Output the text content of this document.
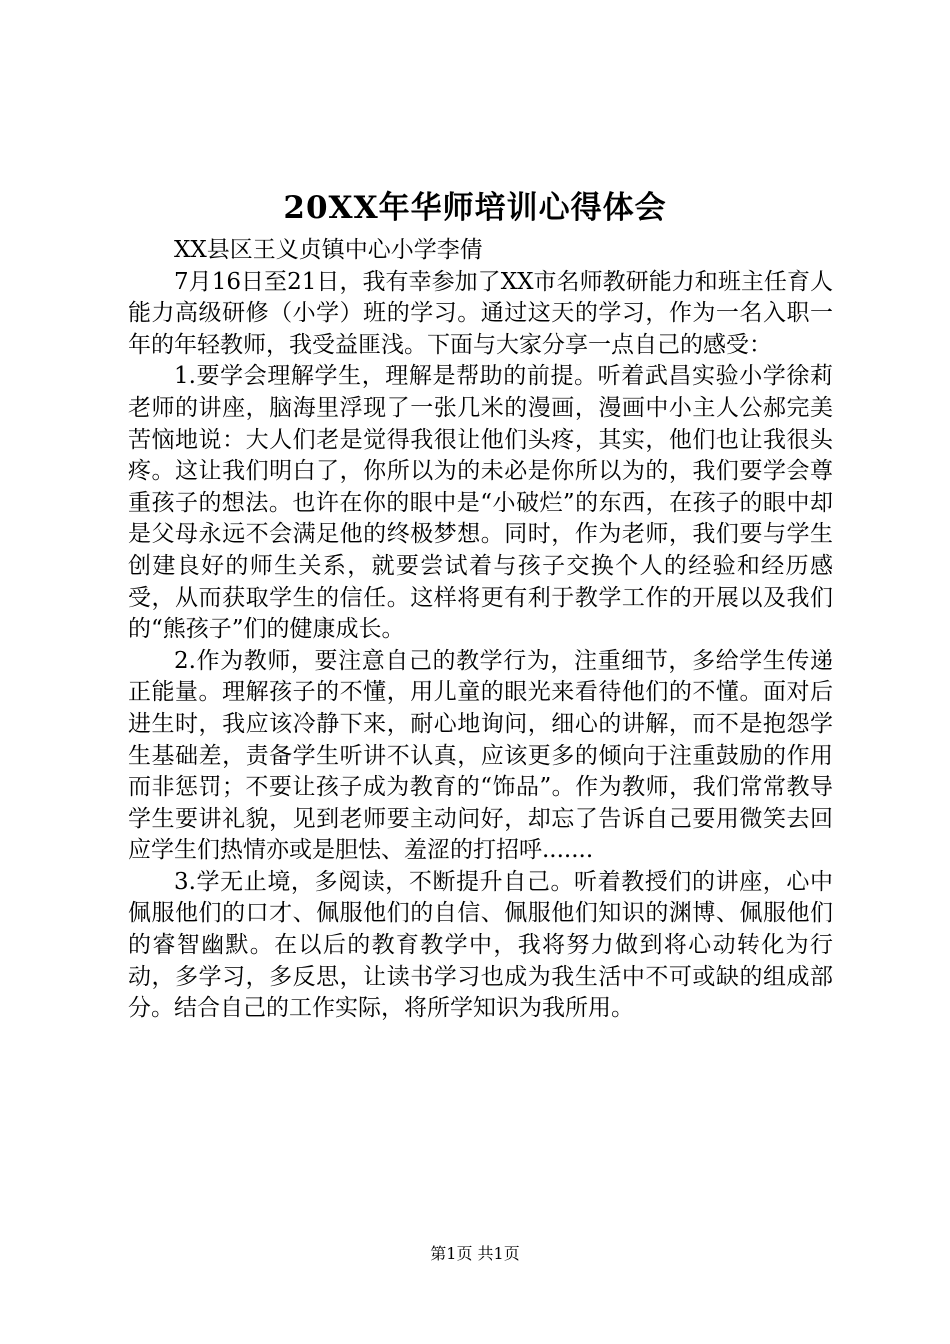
20XX年华师培训心得体会

XX县区王义贞镇中心小学李倩

7月16日至21日，我有幸参加了XX市名师教研能力和班主任育人能力高级研修（小学）班的学习。通过这天的学习，作为一名入职一年的年轻教师，我受益匪浅。下面与大家分享一点自己的感受：

1.要学会理解学生，理解是帮助的前提。听着武昌实验小学徐莉老师的讲座，脑海里浮现了一张几米的漫画，漫画中小主人公郝完美苦恼地说：大人们老是觉得我很让他们头疼，其实，他们也让我很头疼。这让我们明白了，你所以为的未必是你所以为的，我们要学会尊重孩子的想法。也许在你的眼中是“小破烂”的东西，在孩子的眼中却是父母永远不会满足他的终极梦想。同时，作为老师，我们要与学生创建良好的师生关系，就要尝试着与孩子交换个人的经验和经历感受，从而获取学生的信任。这样将更有利于教学工作的开展以及我们的“熊孩子”们的健康成长。

2.作为教师，要注意自己的教学行为，注重细节，多给学生传递正能量。理解孩子的不懂，用儿童的眼光来看待他们的不懂。面对后进生时，我应该冷静下来，耐心地询问，细心的讲解，而不是抱怨学生基础差，责备学生听讲不认真，应该更多的倾向于注重鼓励的作用而非惩罚；不要让孩子成为教育的“饰品”。作为教师，我们常常教导学生要讲礼貌，见到老师要主动问好，却忘了告诉自己要用微笑去回应学生们热情亦或是胆怯、羞涩的打招呼.......

3.学无止境，多阅读，不断提升自己。听着教授们的讲座，心中佩服他们的口才、佩服他们的自信、佩服他们知识的渊博、佩服他们的睿智幽默。在以后的教育教学中，我将努力做到将心动转化为行动，多学习，多反思，让读书学习也成为我生活中不可或缺的组成部分。结合自己的工作实际，将所学知识为我所用。

第1页 共1页
